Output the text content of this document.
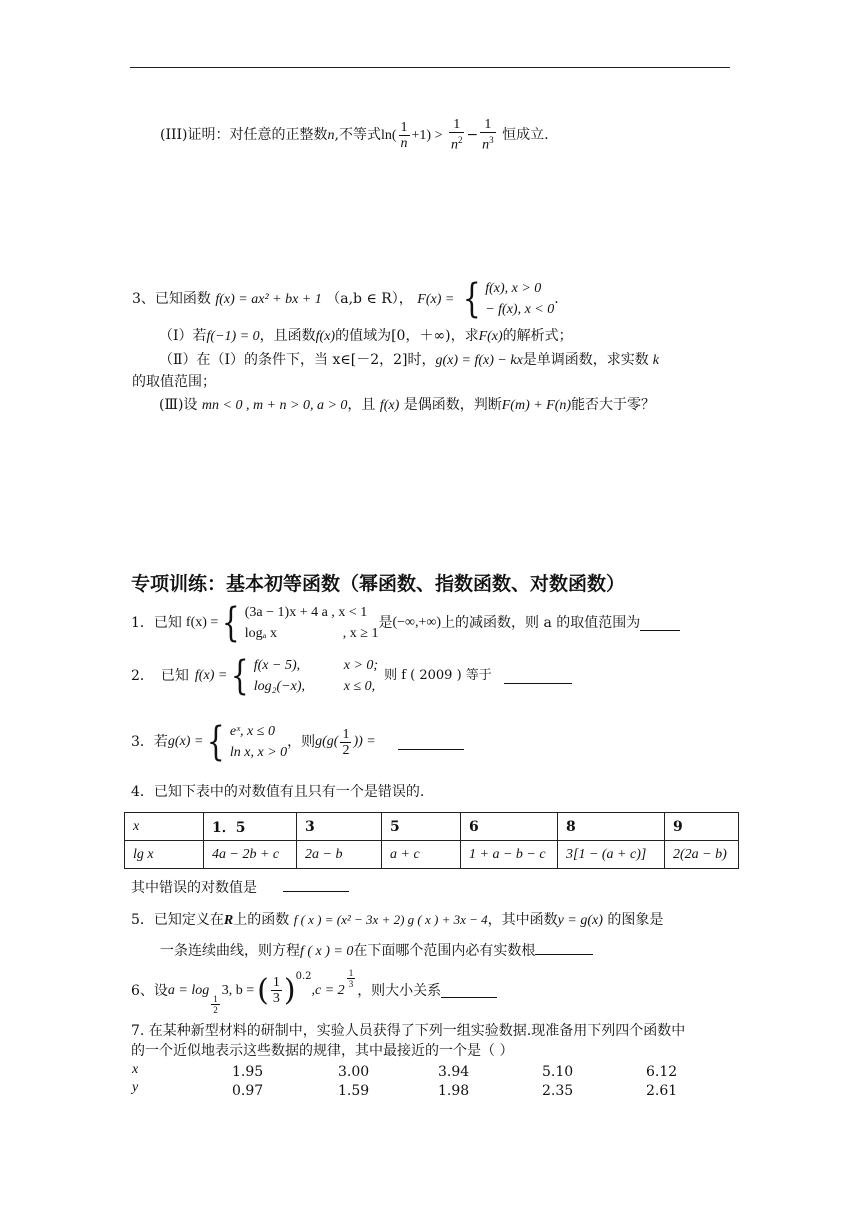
(III)证明：对任意的正整数n,不等式$\ln( \frac{1}{n} +1) > \frac{1}{n^2} - \frac{1}{n^3}$ 恒成立.
3、已知函数 f(x) = ax² + bx + 1 （a,b ∈ R）， F(x) = { f(x), x > 0
− f(x), x < 0
.
（Ⅰ）若f(−1) = 0，且函数f(x)的值域为[0，＋∞)，求F(x)的解析式；
（Ⅱ）在（Ⅰ）的条件下，当 x∈[－2，2]时，g(x) = f(x) − kx是单调函数，求实数 k
的取值范围；
(Ⅲ)设 mn < 0 , m + n > 0, a > 0，且 f(x) 是偶函数，判断F(m) + F(n)能否大于零？
专项训练：基本初等函数（幂函数、指数函数、对数函数）
1．已知 f(x) = { (3a − 1)x + 4 a , x < 1
logₐ x	, x ≥ 1
是 (−∞,+∞) 上的减函数，则 a 的取值范围为
2．　已知 f(x) = { f(x − 5),	x > 0;
log₂(−x),	x ≤ 0,
则 f ( 2009 ) 等于
3．若 g(x) = { eˣ, x ≤ 0
ln x, x > 0
，则 $g(g( \frac{1}{2}$ )) =
4．已知下表中的对数值有且只有一个是错误的.
x	1．5	3	5	6	8	9
lg x	4a − 2b + c	2a − b	a + c	1 + a − b − c	3[1 − (a + c)]	2(2a − b)
其中错误的对数值是
5．已知定义在R上的函数 f ( x ) = (x² − 3x + 2) g ( x ) + 3x − 4，其中函数y = g(x) 的图象是
一条连续曲线，则方程f ( x ) = 0在下面哪个范围内必有实数根
6、设 a = log
$\frac{1}{2}$
3, b = ( $\frac{1}{3}$ ) 0.2
,c = 2
$\frac{1}{3}$
，则大小关系
7. 在某种新型材料的研制中，实验人员获得了下列一组实验数据.现准备用下列四个函数中
的一个近似地表示这些数据的规律，其中最接近的一个是（ ）
x	1.95	3.00	3.94	5.10	6.12
y	0.97	1.59	1.98	2.35	2.61
